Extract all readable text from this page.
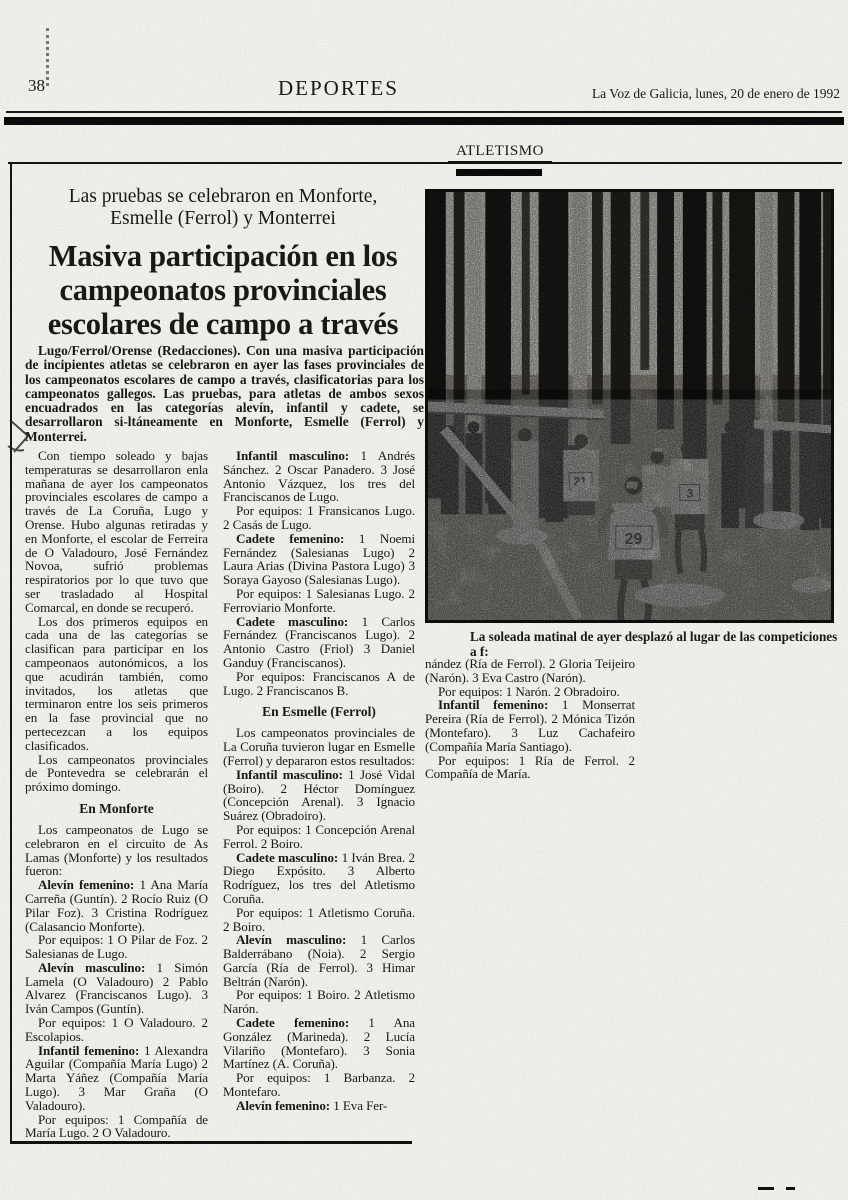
38	DEPORTES	La Voz de Galicia, lunes, 20 de enero de 1992
ATLETISMO
Las pruebas se celebraron en Monforte,
Esmelle (Ferrol) y Monterrei
Masiva participación en los
campeonatos provinciales
escolares de campo a través

Lugo/Ferrol/Orense (Redacciones). Con una masiva participación de incipientes atletas se celebraron en ayer las fases provinciales de los campeonatos escolares de campo a través, clasificatorias para los campeonatos gallegos. Las pruebas, para atletas de ambos sexos encuadrados en las categorías alevín, infantil y cadete, se desarrollaron si-ltáneamente en Monforte, Esmelle (Ferrol) y Monterrei.

Con tiempo soleado y bajas temperaturas se desarrollaron enla mañana de ayer los campeonatos provinciales escolares de campo a través de La Coruña, Lugo y Orense. Hubo algunas retiradas y en Monforte, el escolar de Ferreira de O Valadouro, José Fernández Novoa, sufrió problemas respiratorios por lo que tuvo que ser trasladado al Hospital Comarcal, en donde se recuperó.

Los dos primeros equipos en cada una de las categorías se clasifican para participar en los campeonaos autonómicos, a los que acudirán también, como invitados, los atletas que terminaron entre los seis primeros en la fase provincial que no pertecezcan a los equipos clasificados.

Los campeonatos provinciales de Pontevedra se celebrarán el próximo domingo.

En Monforte

Los campeonatos de Lugo se celebraron en el circuito de As Lamas (Monforte) y los resultados fueron:

Alevín femenino: 1 Ana María Carreña (Guntín). 2 Rocío Ruiz (O Pilar Foz). 3 Cristina Rodríguez (Calasancio Monforte).

Por equipos: 1 O Pilar de Foz. 2 Salesianas de Lugo.

Alevín masculino: 1 Simón Lamela (O Valadouro) 2 Pablo Alvarez (Franciscanos Lugo). 3 Iván Campos (Guntín).

Por equipos: 1 O Valadouro. 2 Escolapios.

Infantil femenino: 1 Alexandra Aguilar (Compañía María Lugo) 2 Marta Yáñez (Compañía María Lugo). 3 Mar Graña (O Valadouro).

Por equipos: 1 Compañía de María Lugo. 2 O Valadouro.

Infantil masculino: 1 Andrés Sánchez. 2 Oscar Panadero. 3 José Antonio Vázquez, los tres del Franciscanos de Lugo.

Por equipos: 1 Fransicanos Lugo. 2 Casás de Lugo.

Cadete femenino: 1 Noemi Fernández (Salesianas Lugo) 2 Laura Arias (Divina Pastora Lugo) 3 Soraya Gayoso (Salesianas Lugo).

Por equipos: 1 Salesianas Lugo. 2 Ferroviario Monforte.

Cadete masculino: 1 Carlos Fernández (Franciscanos Lugo). 2 Antonio Castro (Friol) 3 Daniel Ganduy (Franciscanos).

Por equipos: Franciscanos A de Lugo. 2 Franciscanos B.

En Esmelle (Ferrol)

Los campeonatos provinciales de La Coruña tuvieron lugar en Esmelle (Ferrol) y depararon estos resultados:

Infantil masculino: 1 José Vidal (Boiro). 2 Héctor Domínguez (Concepción Arenal). 3 Ignacio Suárez (Obradoiro).

Por equipos: 1 Concepción Arenal Ferrol. 2 Boiro.

Cadete masculino: 1 Iván Brea. 2 Diego Expósito. 3 Alberto Rodríguez, los tres del Atletismo Coruña.

Por equipos: 1 Atletismo Coruña. 2 Boiro.

Alevín masculino: 1 Carlos Balderrábano (Noia). 2 Sergio García (Ría de Ferrol). 3 Himar Beltrán (Narón).

Por equipos: 1 Boiro. 2 Atletismo Narón.

Cadete femenino: 1 Ana González (Marineda). 2 Lucía Vilariño (Montefaro). 3 Sonia Martínez (A. Coruña).

Por equipos: 1 Barbanza. 2 Montefaro.

Alevín femenino: 1 Eva Fer-

nández (Ría de Ferrol). 2 Gloria Teijeiro (Narón). 3 Eva Castro (Narón).

Por equipos: 1 Narón. 2 Obradoiro.

Infantil femenino: 1 Monserrat Pereira (Ría de Ferrol). 2 Mónica Tizón (Montefaro). 3 Luz Cachafeiro (Compañía María Santiago).

Por equipos: 1 Ría de Ferrol. 2 Compañía de María.

La soleada matinal de ayer desplazó al lugar de las competiciones a f:
